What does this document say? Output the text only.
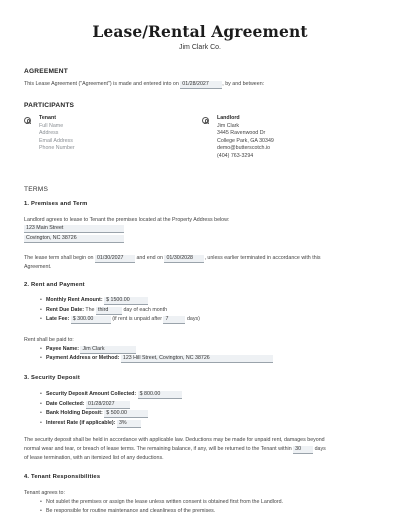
Lease/Rental Agreement
Jim Clark Co.
AGREEMENT
This Lease Agreement ("Agreement") is made and entered into on 01/28/2027	, by and between:
PARTICIPANTS
Tenant
Full Name
Address
Email Address
Phone Number
Landlord
Jim Clark
3445 Ravenwood Dr
College Park, GA 30349
demo@butterscotch.io
(404) 763-3294
TERMS
1. Premises and Term
Landlord agrees to lease to Tenant the premises located at the Property Address below:
123 Main Street
Covington, NC 38726
The lease term shall begin on 01/30/2027 and end on 01/30/2028 , unless earlier terminated in accordance with this
Agreement.
2. Rent and Payment
• Monthly Rent Amount: $ 1500.00
• Rent Due Date: The third	day of each month
• Late Fee: $ 300.00	(if rent is unpaid after 7	days)
Rent shall be paid to:
• Payee Name: Jim Clark
• Payment Address or Method: 123 Hill Street, Covington, NC 38726
3. Security Deposit
• Security Deposit Amount Collected: $ 800.00
• Date Collected: 01/28/2027
• Bank Holding Deposit: $ 500.00
• Interest Rate (if applicable): 3%
The security deposit shall be held in accordance with applicable law. Deductions may be made for unpaid rent, damages beyond
normal wear and tear, or breach of lease terms. The remaining balance, if any, will be returned to the Tenant within 30	days
of lease termination, with an itemized list of any deductions.
4. Tenant Responsibilities
Tenant agrees to:
• Not sublet the premises or assign the lease unless written consent is obtained first from the Landlord.
• Be responsible for routine maintenance and cleanliness of the premises.
